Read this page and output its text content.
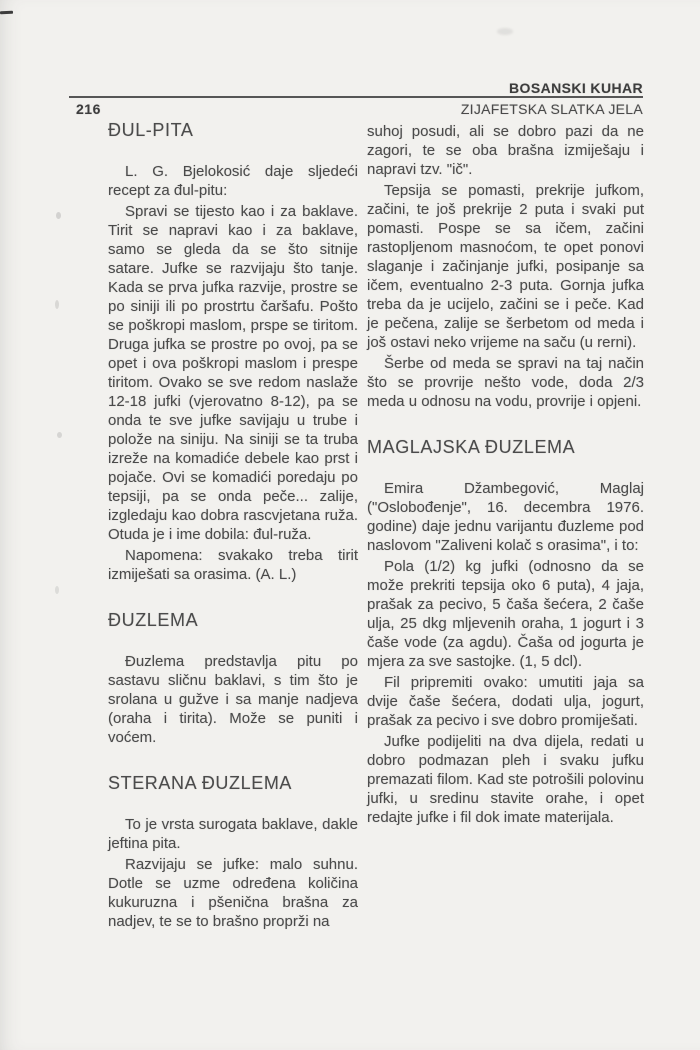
BOSANSKI KUHAR
216	ZIJAFETSKA SLATKA JELA
ĐUL-PITA

L. G. Bjelokosić daje sljedeći recept za đul-pitu:

Spravi se tijesto kao i za baklave. Tirit se napravi kao i za baklave, samo se gleda da se što sitnije satare. Jufke se razvijaju što tanje. Kada se prva jufka razvije, prostre se po siniji ili po prostrtu čaršafu. Pošto se poškropi maslom, prspe se tiritom. Druga jufka se prostre po ovoj, pa se opet i ova poškropi maslom i prespe tiritom. Ovako se sve redom naslaže 12-18 jufki (vjerovatno 8-12), pa se onda te sve jufke savijaju u trube i polože na siniju. Na siniji se ta truba izreže na komadiće debele kao prst i pojače. Ovi se komadići poredaju po tepsiji, pa se onda peče... zalije, izgledaju kao dobra rascvjetana ruža. Otuda je i ime dobila: đul-ruža.

Napomena: svakako treba tirit izmiješati sa orasima. (A. L.)

ĐUZLEMA

Đuzlema predstavlja pitu po sastavu sličnu baklavi, s tim što je srolana u gužve i sa manje nadjeva (oraha i tirita). Može se puniti i voćem.

STERANA ĐUZLEMA

To je vrsta surogata baklave, dakle jeftina pita.

Razvijaju se jufke: malo suhnu. Dotle se uzme određena količina kukuruzna i pšenična brašna za nadjev, te se to brašno proprži na

suhoj posudi, ali se dobro pazi da ne zagori, te se oba brašna izmiješaju i napravi tzv. "ič".

Tepsija se pomasti, prekrije jufkom, začini, te još prekrije 2 puta i svaki put pomasti. Pospe se sa ičem, začini rastopljenom masnoćom, te opet ponovi slaganje i začinjanje jufki, posipanje sa ičem, eventualno 2-3 puta. Gornja jufka treba da je ucijelo, začini se i peče. Kad je pečena, zalije se šerbetom od meda i još ostavi neko vrijeme na saču (u rerni).

Šerbe od meda se spravi na taj način što se provrije nešto vode, doda 2/3 meda u odnosu na vodu, provrije i opjeni.

MAGLAJSKA ĐUZLEMA

Emira Džambegović, Maglaj ("Oslobođenje", 16. decembra 1976. godine) daje jednu varijantu đuzleme pod naslovom "Zaliveni kolač s orasima", i to:

Pola (1/2) kg jufki (odnosno da se može prekriti tepsija oko 6 puta), 4 jaja, prašak za pecivo, 5 čaša šećera, 2 čaše ulja, 25 dkg mljevenih oraha, 1 jogurt i 3 čaše vode (za agdu). Čaša od jogurta je mjera za sve sastojke. (1, 5 dcl).

Fil pripremiti ovako: umutiti jaja sa dvije čaše šećera, dodati ulja, jogurt, prašak za pecivo i sve dobro promiješati.

Jufke podijeliti na dva dijela, redati u dobro podmazan pleh i svaku jufku premazati filom. Kad ste potrošili polovinu jufki, u sredinu stavite orahe, i opet redajte jufke i fil dok imate materijala.
